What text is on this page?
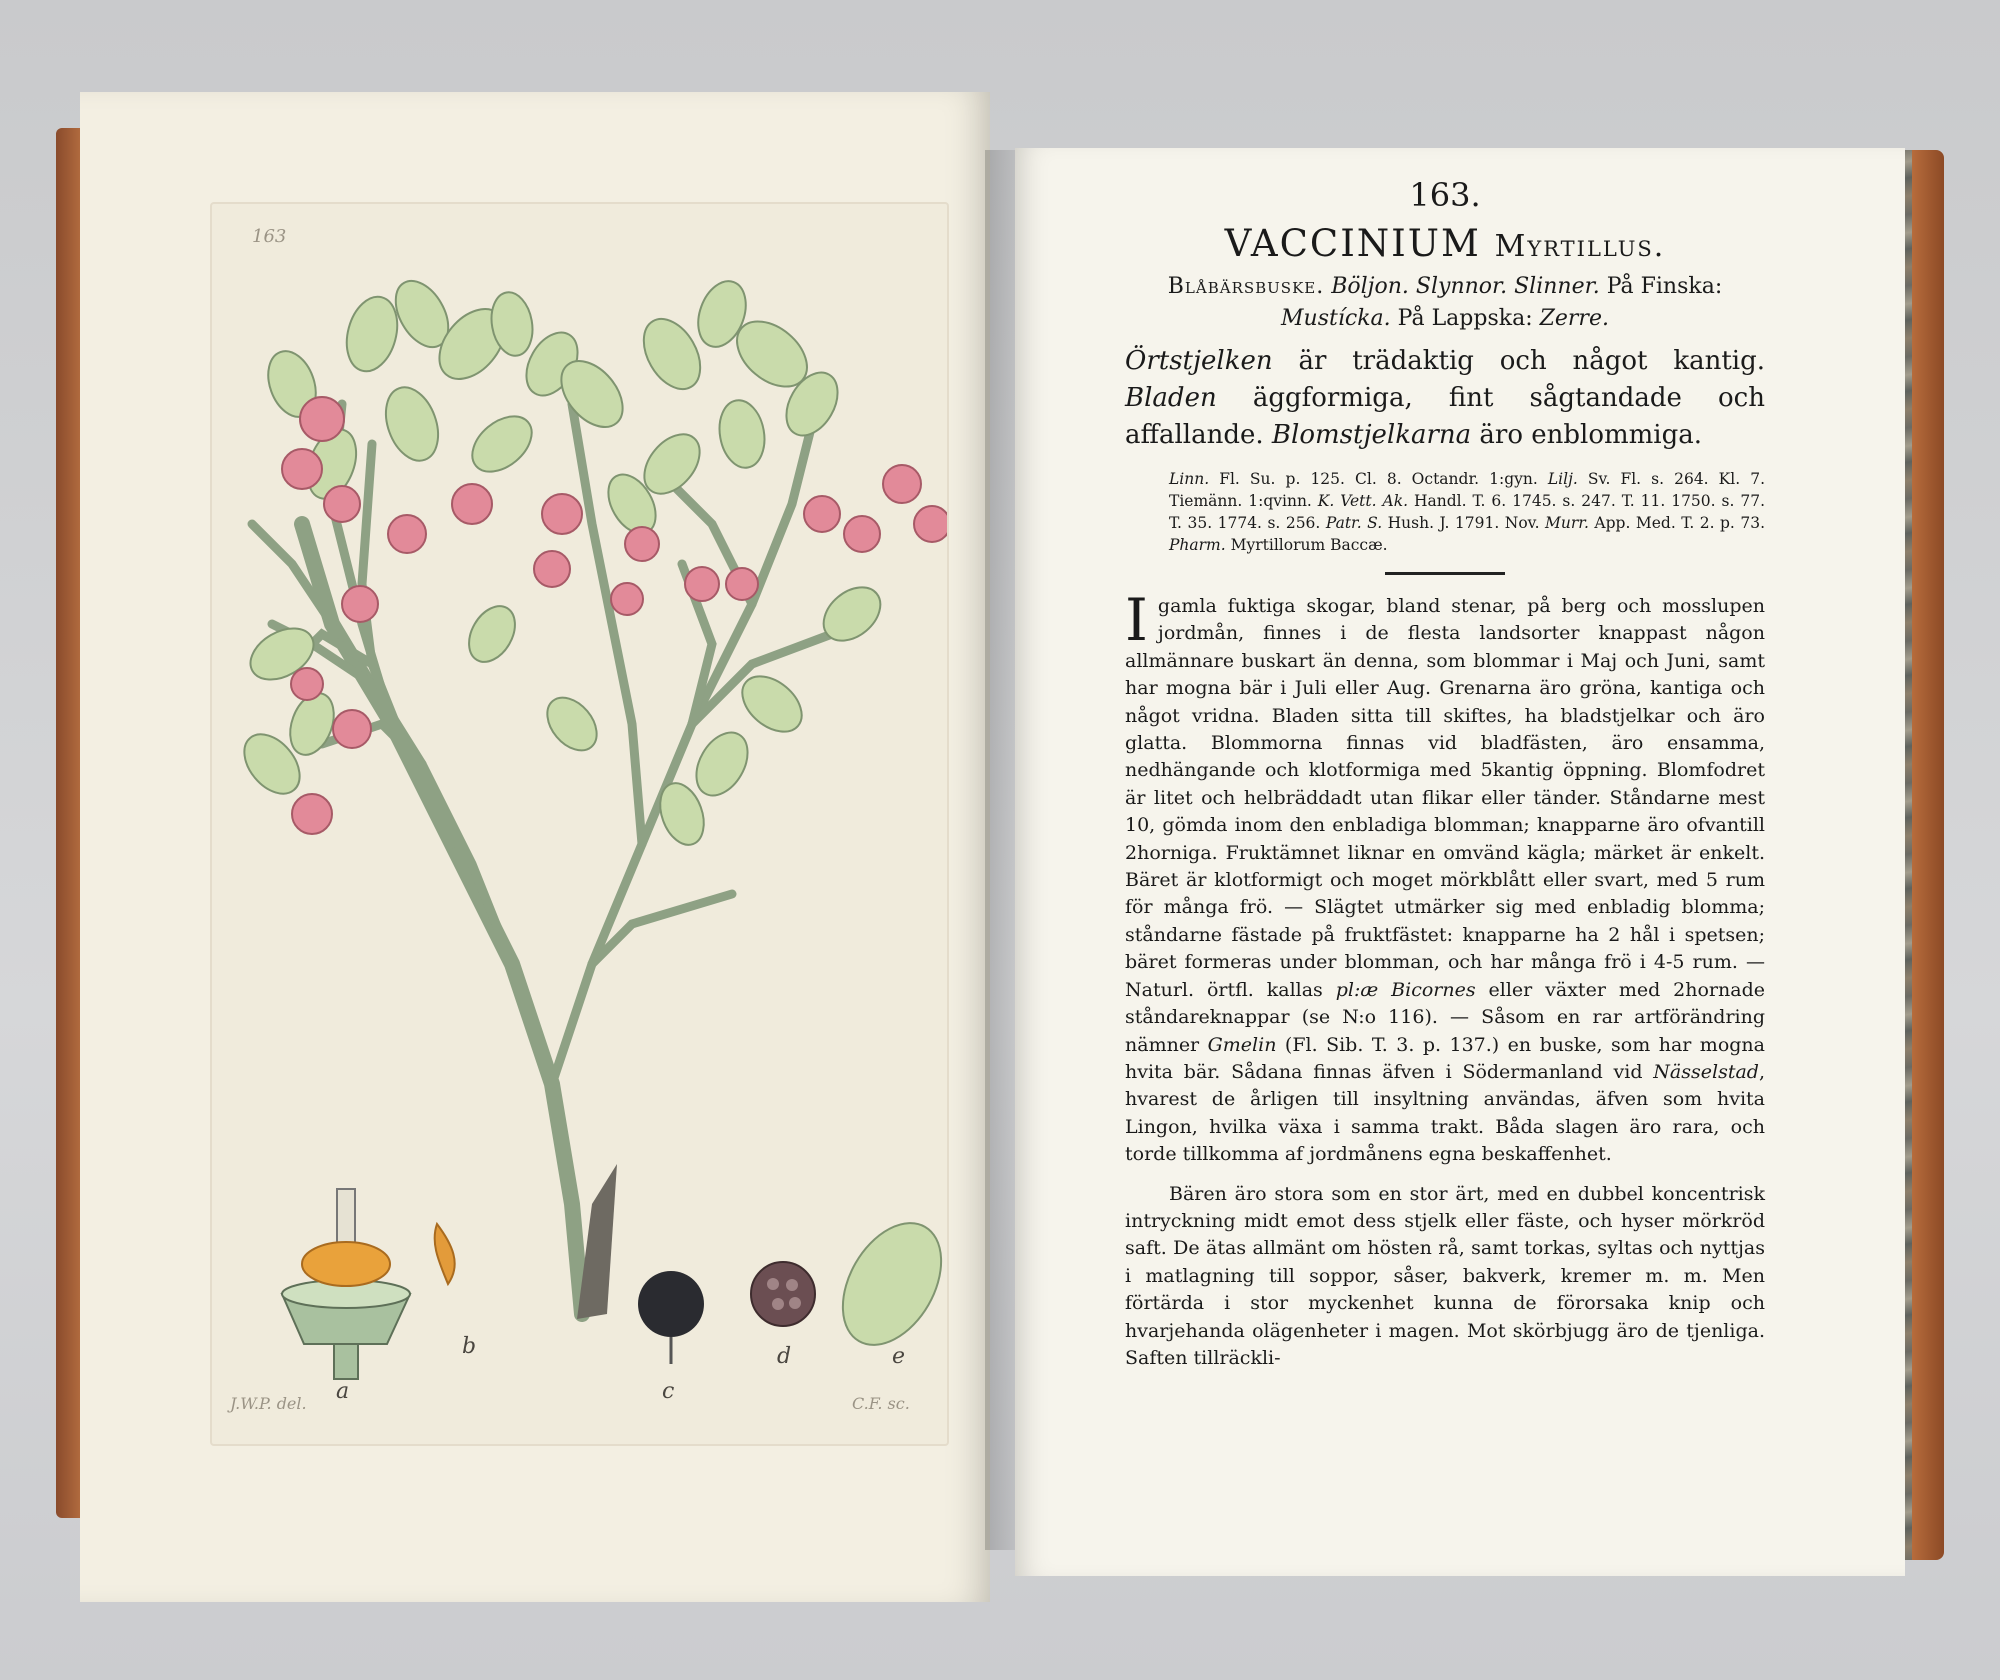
163
a
b
c
d	e
J.W.P. del.	C.F. sc.
163.
VACCINIUM Myrtillus.
Blåbärsbuske. Böljon. Slynnor. Slinner. På Finska:
Mustícka. På Lappska: Zerre.
Örtstjelken är trädaktig och något kantig. Bladen äggformiga, fint sågtandade och affallande. Blomstjelkarna äro enblommiga.
Linn. Fl. Su. p. 125. Cl. 8. Octandr. 1:gyn. Lilj. Sv. Fl. s. 264. Kl. 7. Tiemänn. 1:qvinn. K. Vett. Ak. Handl. T. 6. 1745. s. 247. T. 11. 1750. s. 77. T. 35. 1774. s. 256. Patr. S. Hush. J. 1791. Nov. Murr. App. Med. T. 2. p. 73. Pharm. Myrtillorum Baccæ.

I gamla fuktiga skogar, bland stenar, på berg och mosslupen jordmån, finnes i de flesta landsorter knappast någon allmännare buskart än denna, som blommar i Maj och Juni, samt har mogna bär i Juli eller Aug. Grenarna äro gröna, kantiga och något vridna. Bladen sitta till skiftes, ha bladstjelkar och äro glatta. Blommorna finnas vid bladfästen, äro ensamma, nedhängande och klotformiga med 5kantig öppning. Blomfodret är litet och helbräddadt utan flikar eller tänder. Ståndarne mest 10, gömda inom den enbladiga blomman; knapparne äro ofvantill 2horniga. Fruktämnet liknar en omvänd kägla; märket är enkelt. Bäret är klotformigt och moget mörkblått eller svart, med 5 rum för många frö. — Slägtet utmärker sig med enbladig blomma; ståndarne fästade på fruktfästet: knapparne ha 2 hål i spetsen; bäret formeras under blomman, och har många frö i 4-5 rum. — Naturl. örtfl. kallas pl:æ Bicornes eller växter med 2hornade ståndareknappar (se N:o 116). — Såsom en rar artförändring nämner Gmelin (Fl. Sib. T. 3. p. 137.) en buske, som har mogna hvita bär. Sådana finnas äfven i Södermanland vid Nässelstad, hvarest de årligen till insyltning användas, äfven som hvita Lingon, hvilka växa i samma trakt. Båda slagen äro rara, och torde tillkomma af jordmånens egna beskaffenhet.

Bären äro stora som en stor ärt, med en dubbel koncentrisk intryckning midt emot dess stjelk eller fäste, och hyser mörkröd saft. De ätas allmänt om hösten rå, samt torkas, syltas och nyttjas i matlagning till soppor, såser, bakverk, kremer m. m. Men förtärda i stor myckenhet kunna de förorsaka knip och hvarjehanda olägenheter i magen. Mot skörbjugg äro de tjenliga. Saften tillräckli-
